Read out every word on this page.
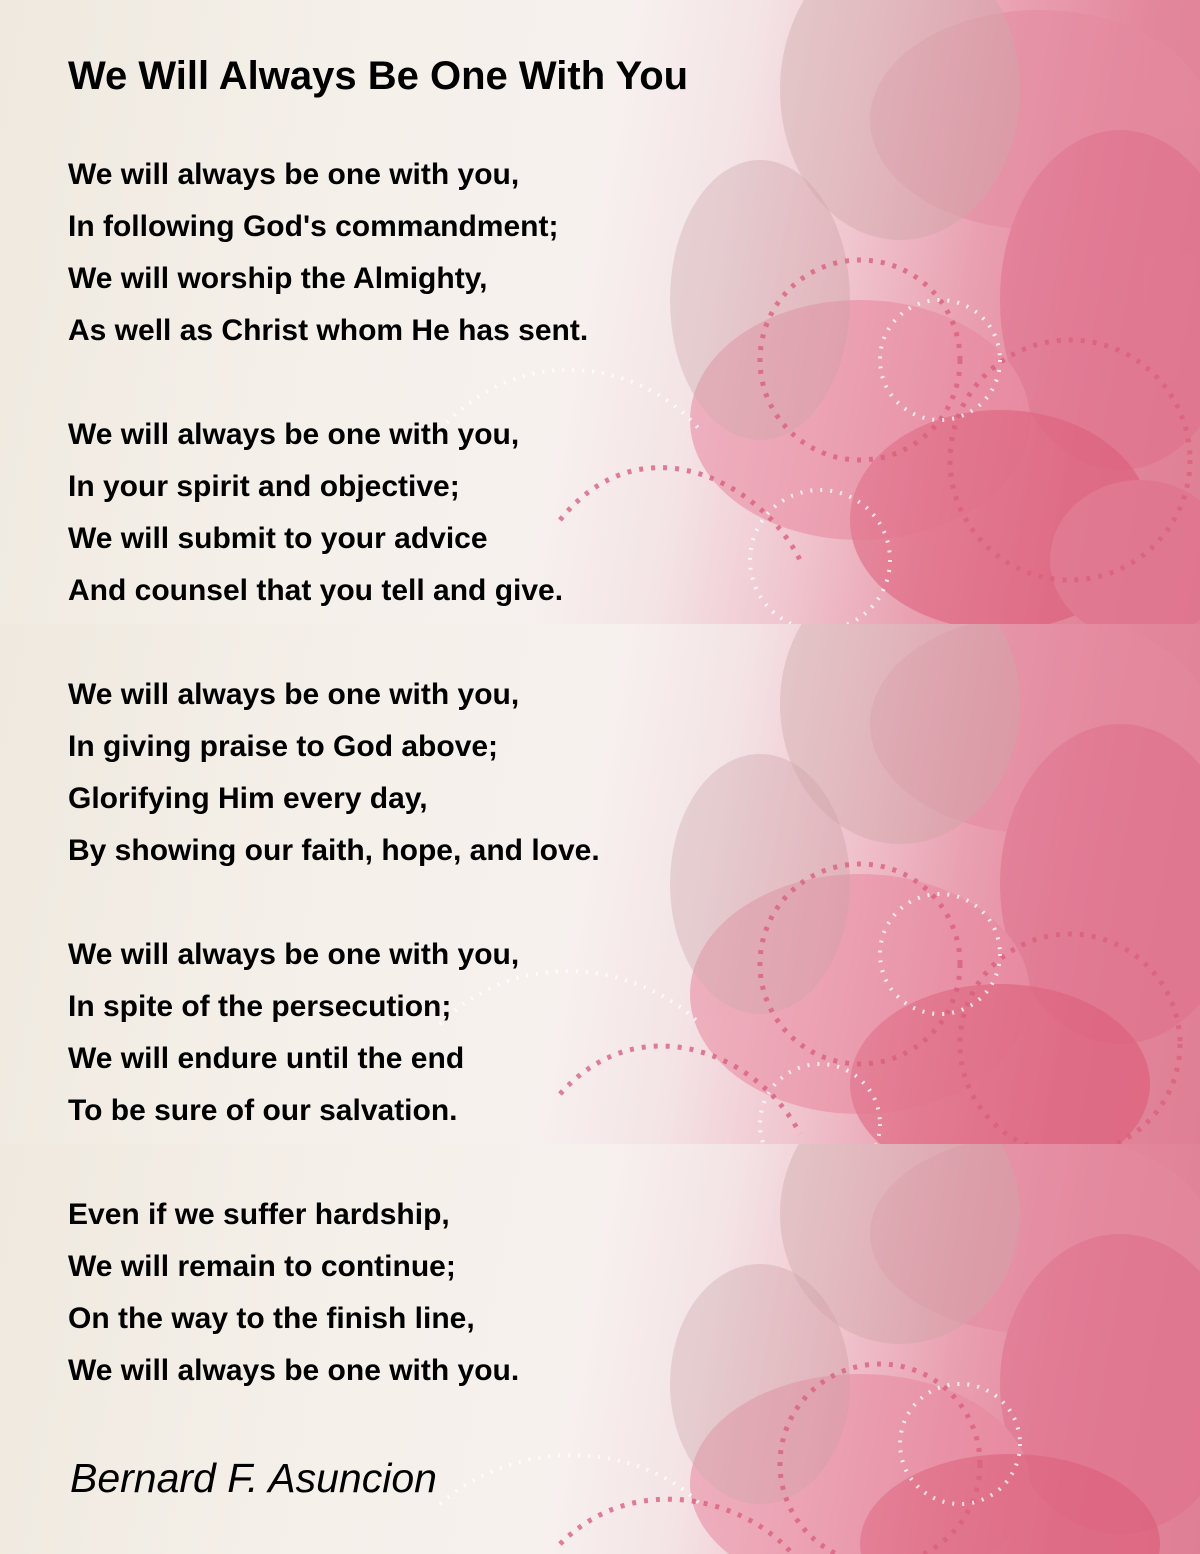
We Will Always Be One With You
We will always be one with you,
In following God's commandment;
We will worship the Almighty,
As well as Christ whom He has sent.
We will always be one with you,
In your spirit and objective;
We will submit to your advice
And counsel that you tell and give.
We will always be one with you,
In giving praise to God above;
Glorifying Him every day,
By showing our faith, hope, and love.
We will always be one with you,
In spite of the persecution;
We will endure until the end
To be sure of our salvation.
Even if we suffer hardship,
We will remain to continue;
On the way to the finish line,
We will always be one with you.

Bernard F. Asuncion
